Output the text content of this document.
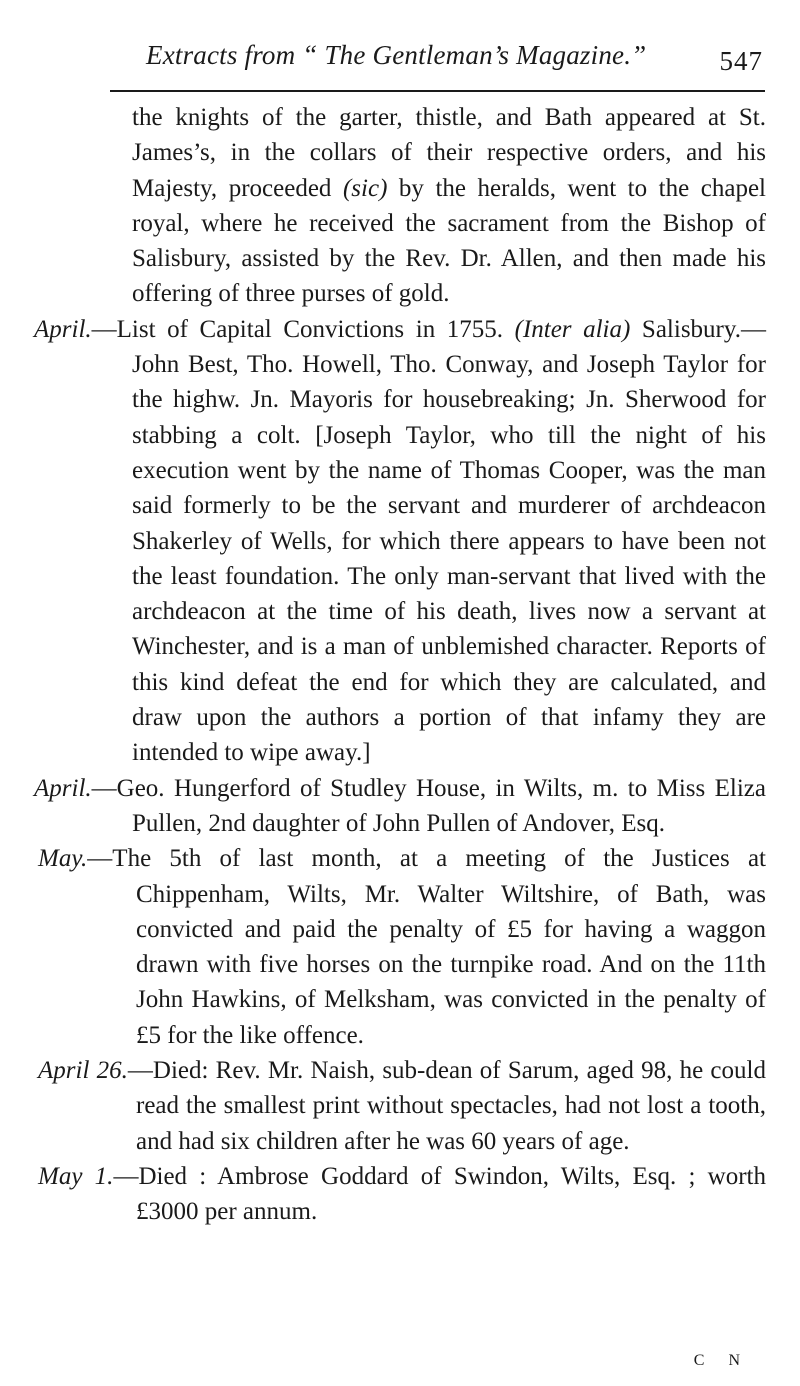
Extracts from “ The Gentleman’s Magazine.”	547

the knights of the garter, thistle, and Bath appeared at St. James’s, in the collars of their respective orders, and his Majesty, proceeded (sic) by the heralds, went to the chapel royal, where he received the sacrament from the Bishop of Salisbury, assisted by the Rev. Dr. Allen, and then made his offering of three purses of gold.

April.—List of Capital Convictions in 1755. (Inter alia) Salisbury.—John Best, Tho. Howell, Tho. Conway, and Joseph Taylor for the highw. Jn. Mayoris for housebreaking; Jn. Sherwood for stabbing a colt. [Joseph Taylor, who till the night of his execution went by the name of Thomas Cooper, was the man said formerly to be the servant and murderer of archdeacon Shakerley of Wells, for which there appears to have been not the least foundation. The only man-servant that lived with the archdeacon at the time of his death, lives now a servant at Winchester, and is a man of unblemished character. Reports of this kind defeat the end for which they are calculated, and draw upon the authors a portion of that infamy they are intended to wipe away.]

April.—Geo. Hungerford of Studley House, in Wilts, m. to Miss Eliza Pullen, 2nd daughter of John Pullen of Andover, Esq.

May.—The 5th of last month, at a meeting of the Justices at Chippenham, Wilts, Mr. Walter Wiltshire, of Bath, was convicted and paid the penalty of £5 for having a waggon drawn with five horses on the turnpike road. And on the 11th John Hawkins, of Melksham, was convicted in the penalty of £5 for the like offence.

April 26.—Died: Rev. Mr. Naish, sub-dean of Sarum, aged 98, he could read the smallest print without spectacles, had not lost a tooth, and had six children after he was 60 years of age.

May 1.—Died : Ambrose Goddard of Swindon, Wilts, Esq. ; worth £3000 per annum.

C N
